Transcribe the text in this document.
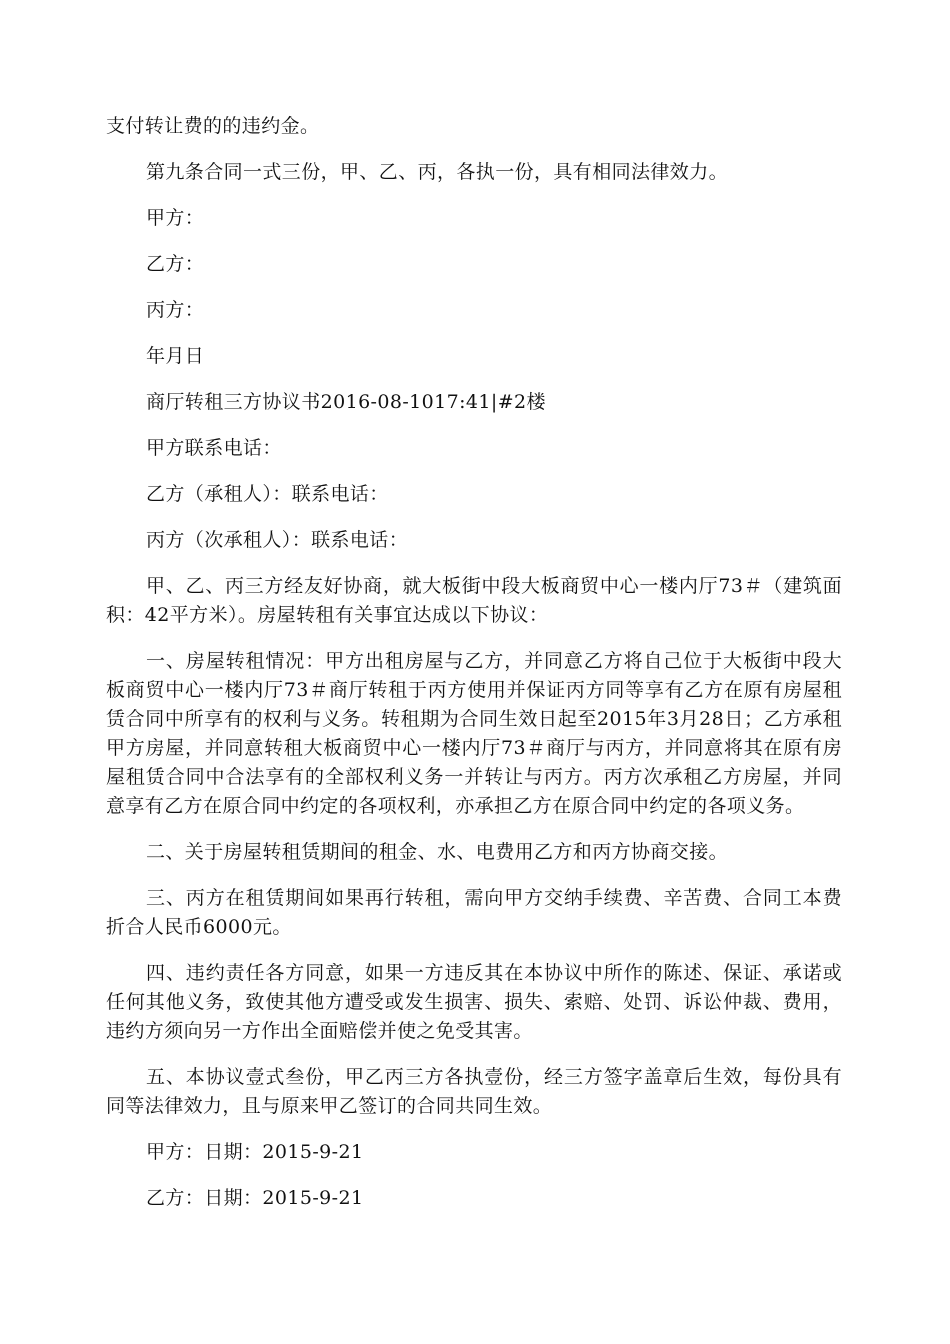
支付转让费的的违约金。

第九条合同一式三份，甲、乙、丙，各执一份，具有相同法律效力。

甲方：

乙方：

丙方：

年月日

商厅转租三方协议书2016-08-1017:41|#2楼

甲方联系电话：

乙方（承租人）：联系电话：

丙方（次承租人）：联系电话：

甲、乙、丙三方经友好协商，就大板街中段大板商贸中心一楼内厅73＃（建筑面积：42平方米）。房屋转租有关事宜达成以下协议：

一、房屋转租情况：甲方出租房屋与乙方，并同意乙方将自己位于大板街中段大板商贸中心一楼内厅73＃商厅转租于丙方使用并保证丙方同等享有乙方在原有房屋租赁合同中所享有的权利与义务。转租期为合同生效日起至2015年3月28日；乙方承租甲方房屋，并同意转租大板商贸中心一楼内厅73＃商厅与丙方，并同意将其在原有房屋租赁合同中合法享有的全部权利义务一并转让与丙方。丙方次承租乙方房屋，并同意享有乙方在原合同中约定的各项权利，亦承担乙方在原合同中约定的各项义务。

二、关于房屋转租赁期间的租金、水、电费用乙方和丙方协商交接。

三、丙方在租赁期间如果再行转租，需向甲方交纳手续费、辛苦费、合同工本费折合人民币6000元。

四、违约责任各方同意，如果一方违反其在本协议中所作的陈述、保证、承诺或任何其他义务，致使其他方遭受或发生损害、损失、索赔、处罚、诉讼仲裁、费用，违约方须向另一方作出全面赔偿并使之免受其害。

五、本协议壹式叁份，甲乙丙三方各执壹份，经三方签字盖章后生效，每份具有同等法律效力，且与原来甲乙签订的合同共同生效。

甲方：日期：2015-9-21

乙方：日期：2015-9-21
